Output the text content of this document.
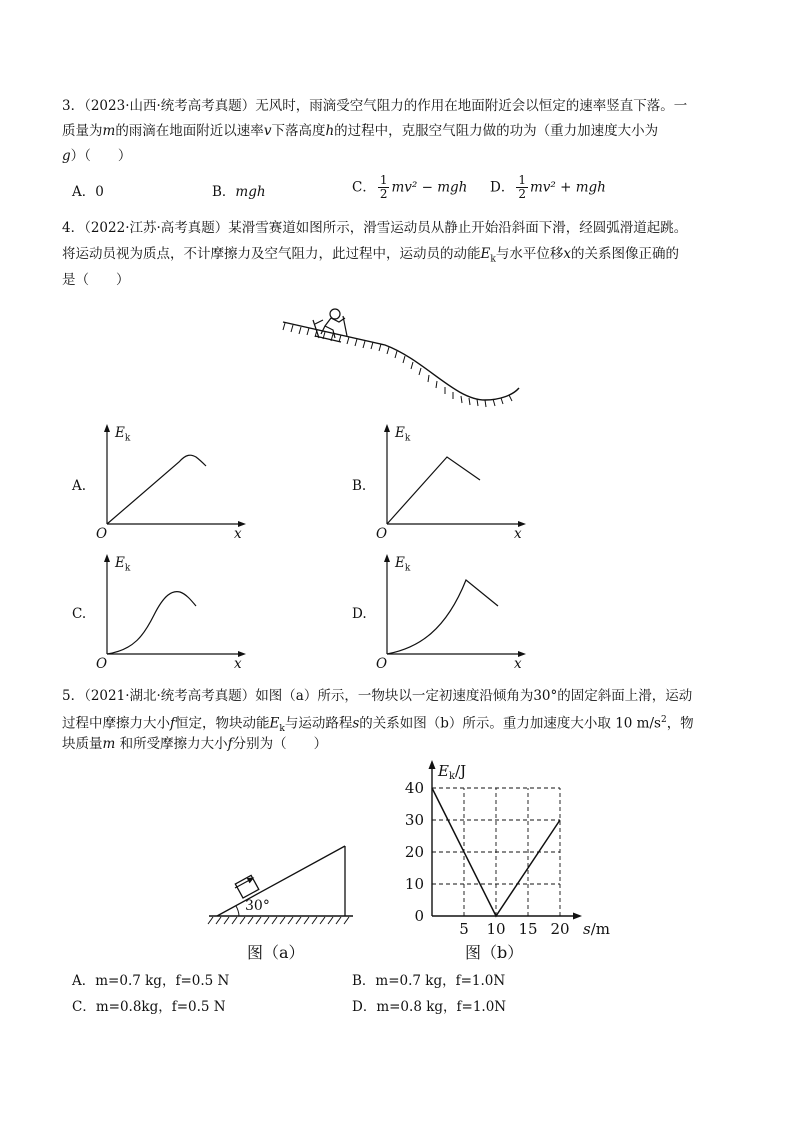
3．（2023·山西·统考高考真题）无风时，雨滴受空气阻力的作用在地面附近会以恒定的速率竖直下落。一
质量为m的雨滴在地面附近以速率v下落高度h的过程中，克服空气阻力做的功为（重力加速度大小为
g）（　　）
A．0	B．mgh	C． $\frac{1}{2} mv^2$ − mgh D． $\frac{1}{2} mv^2$ + mgh
4．（2022·江苏·高考真题）某滑雪赛道如图所示，滑雪运动员从静止开始沿斜面下滑，经圆弧滑道起跳。
将运动员视为质点，不计摩擦力及空气阻力，此过程中，运动员的动能$E_k$与水平位移x的关系图像正确的
是（　　）
A.
$E_k$
O	x
B.
$E_k$
O	x
C.
$E_k$
O	x
D.
$E_k$
O	x
5．（2021·湖北·统考高考真题）如图（a）所示，一物块以一定初速度沿倾角为30°的固定斜面上滑，运动
过程中摩擦力大小f恒定，物块动能$E_k$与运动路程s的关系如图（b）所示。重力加速度大小取 10 $m/s^2$，物
块质量m 和所受摩擦力大小f分别为（　　）
30°
图（a）
0
10
20
30
40
5 10 15 20
$E_k/J$
s/m
图（b）
A．m=0.7 kg，f=0.5 N	B．m=0.7 kg，f=1.0N
C．m=0.8kg，f=0.5 N	D．m=0.8 kg，f=1.0N
